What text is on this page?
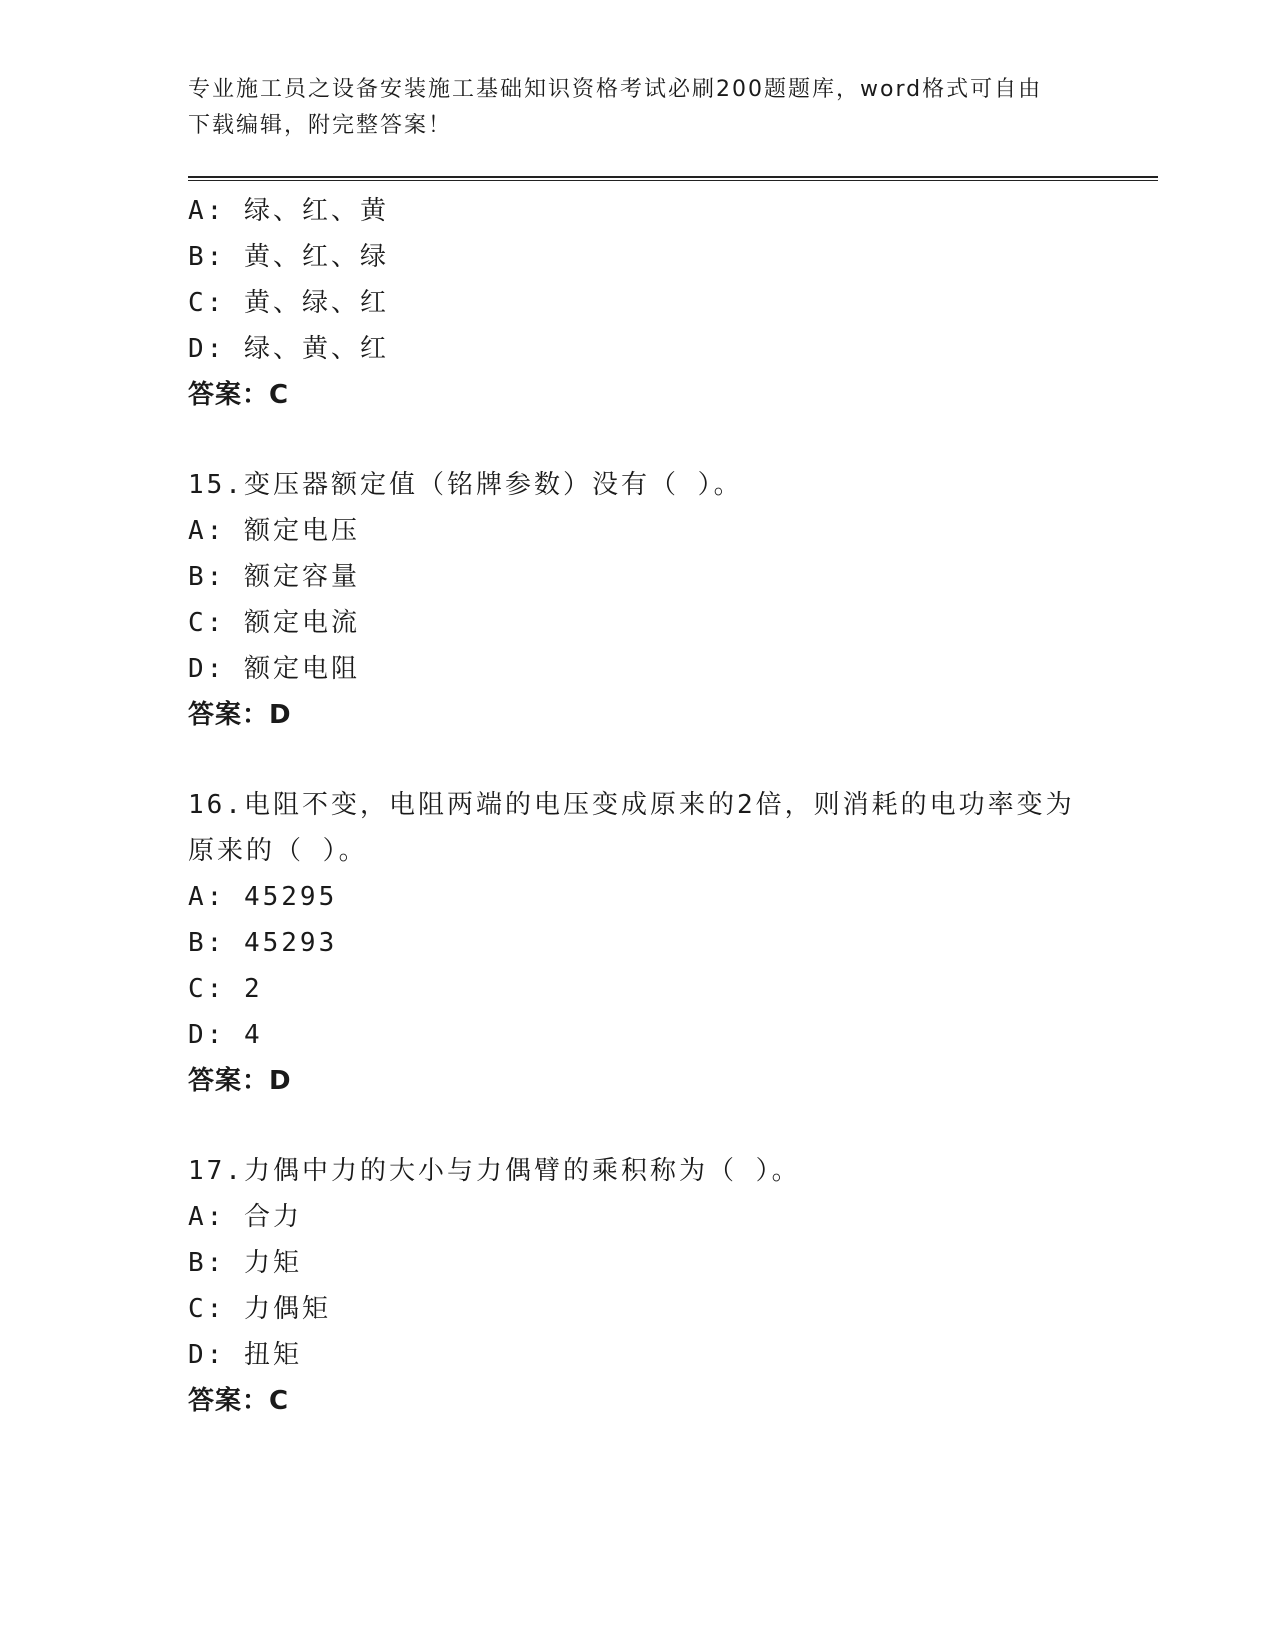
专业施工员之设备安装施工基础知识资格考试必刷200题题库，word格式可自由
下载编辑，附完整答案！
A: 绿、红、黄
B: 黄、红、绿
C: 黄、绿、红
D: 绿、黄、红
答案：C
15.变压器额定值（铭牌参数）没有（ ）。
A: 额定电压
B: 额定容量
C: 额定电流
D: 额定电阻
答案：D
16.电阻不变，电阻两端的电压变成原来的2倍，则消耗的电功率变为
原来的（ ）。
A: 45295
B: 45293
C: 2
D: 4
答案：D
17.力偶中力的大小与力偶臂的乘积称为（ ）。
A: 合力
B: 力矩
C: 力偶矩
D: 扭矩
答案：C
